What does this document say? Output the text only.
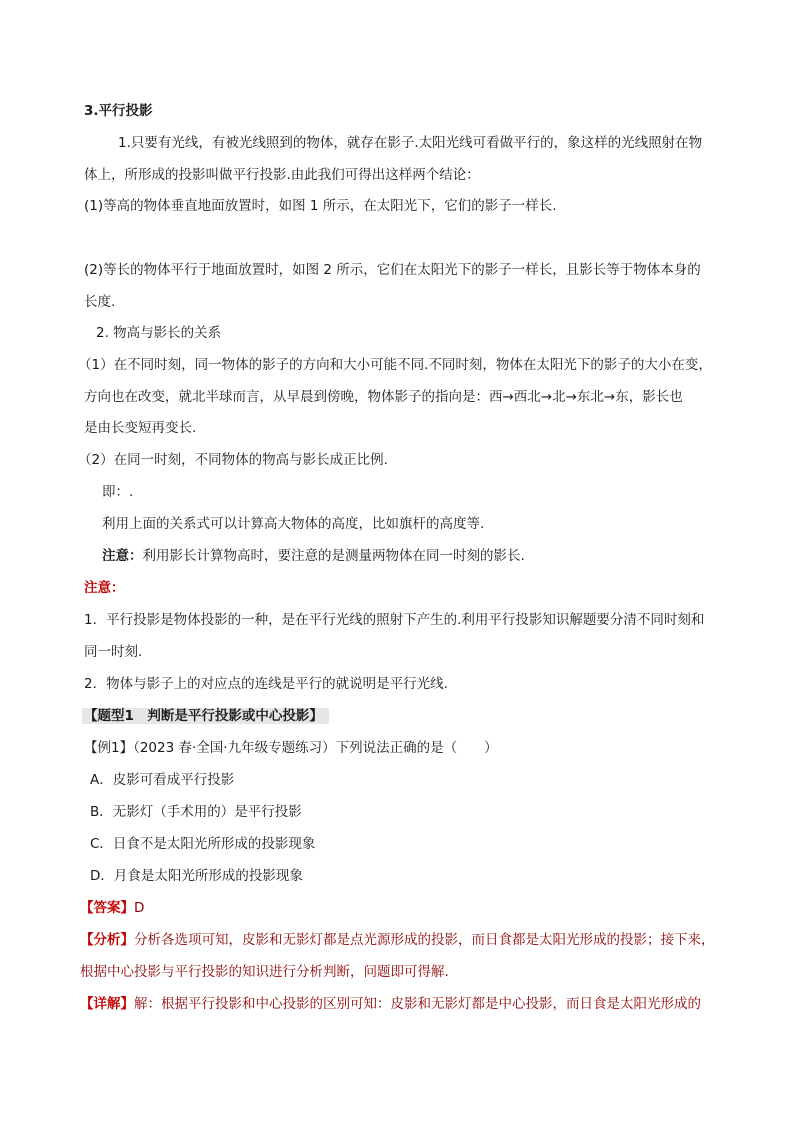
3.平行投影
1.只要有光线，有被光线照到的物体，就存在影子.太阳光线可看做平行的，象这样的光线照射在物
体上，所形成的投影叫做平行投影.由此我们可得出这样两个结论：
(1)等高的物体垂直地面放置时，如图 1 所示，在太阳光下，它们的影子一样长.
(2)等长的物体平行于地面放置时，如图 2 所示，它们在太阳光下的影子一样长，且影长等于物体本身的
长度.
2. 物高与影长的关系
（1）在不同时刻，同一物体的影子的方向和大小可能不同.不同时刻，物体在太阳光下的影子的大小在变，
方向也在改变，就北半球而言，从早晨到傍晚，物体影子的指向是：西→西北→北→东北→东，影长也
是由长变短再变长.
（2）在同一时刻，不同物体的物高与影长成正比例.
即：.
利用上面的关系式可以计算高大物体的高度，比如旗杆的高度等.
注意：利用影长计算物高时，要注意的是测量两物体在同一时刻的影长.
注意：
1．平行投影是物体投影的一种，是在平行光线的照射下产生的.利用平行投影知识解题要分清不同时刻和
同一时刻.
2．物体与影子上的对应点的连线是平行的就说明是平行光线.
【题型1　判断是平行投影或中心投影】
【例1】（2023 春·全国·九年级专题练习）下列说法正确的是（　　）
A．皮影可看成平行投影
B．无影灯（手术用的）是平行投影
C．日食不是太阳光所形成的投影现象
D．月食是太阳光所形成的投影现象
【答案】D
【分析】分析各选项可知，皮影和无影灯都是点光源形成的投影，而日食都是太阳光形成的投影；接下来，
根据中心投影与平行投影的知识进行分析判断，问题即可得解.
【详解】解：根据平行投影和中心投影的区别可知：皮影和无影灯都是中心投影，而日食是太阳光形成的
